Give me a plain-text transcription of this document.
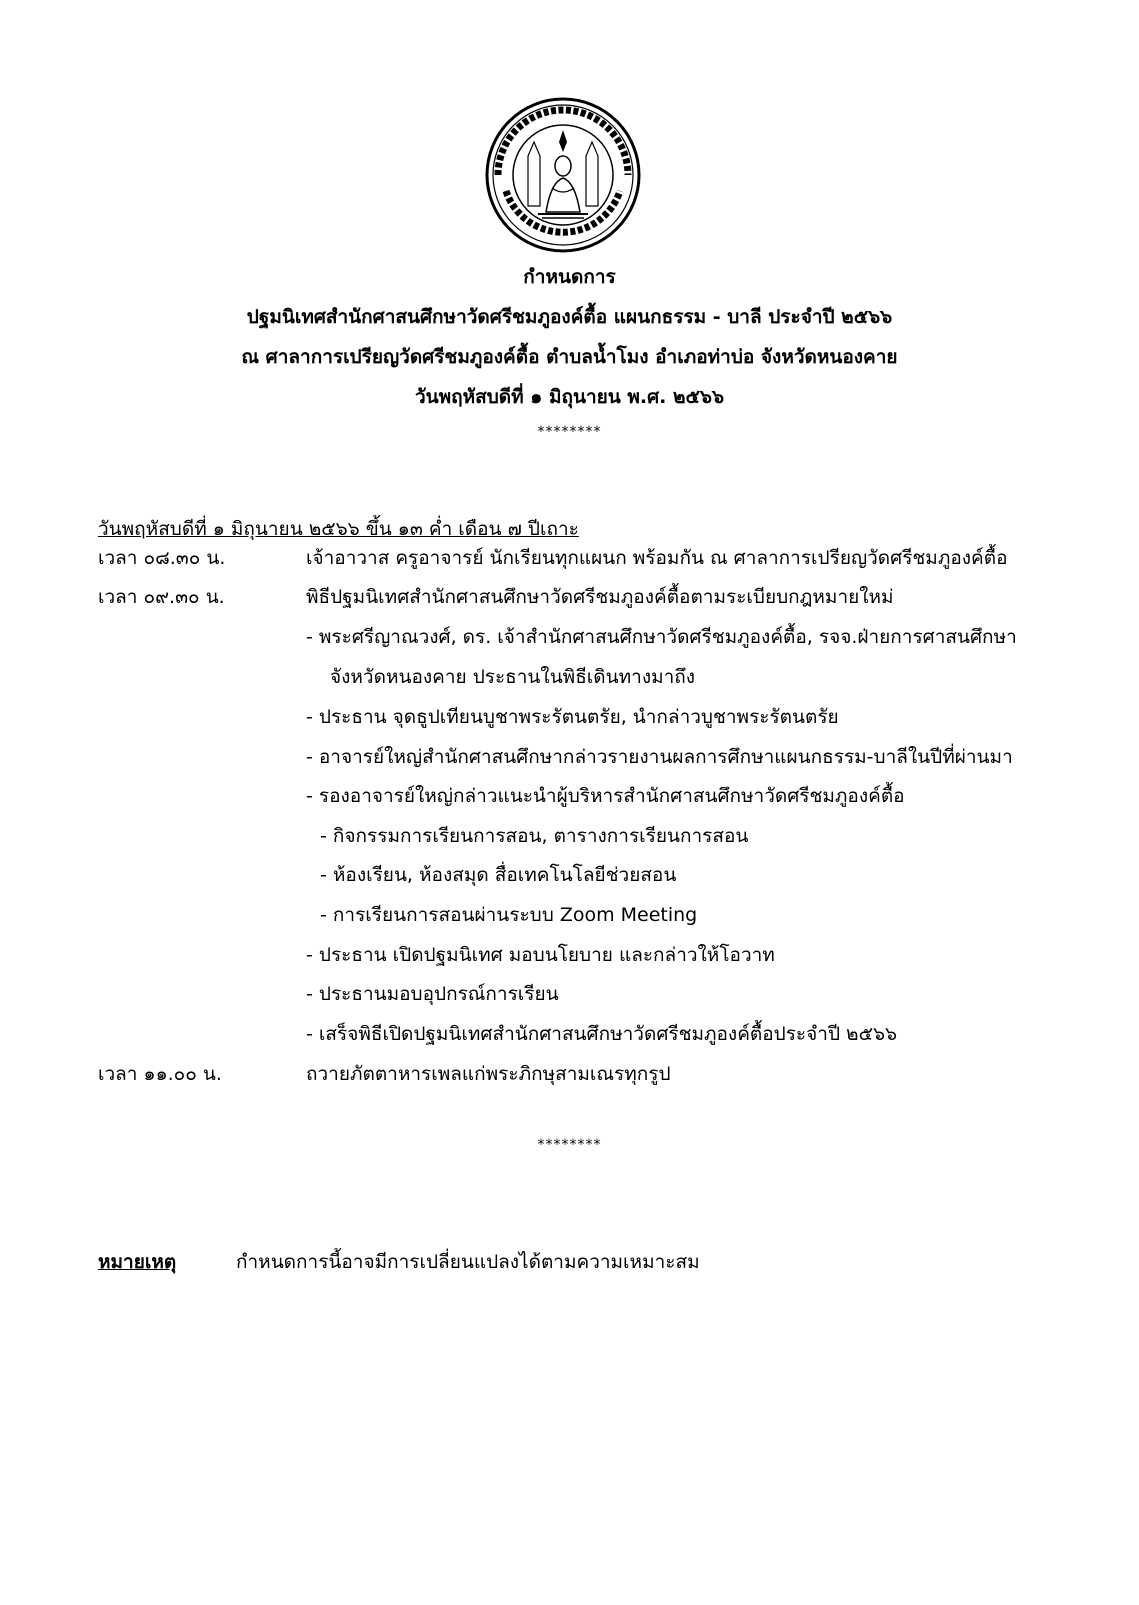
กำหนดการ
ปฐมนิเทศสำนักศาสนศึกษาวัดศรีชมภูองค์ตื้อ แผนกธรรม - บาลี ประจำปี ๒๕๖๖
ณ ศาลาการเปรียญวัดศรีชมภูองค์ตื้อ ตำบลน้ำโมง อำเภอท่าบ่อ จังหวัดหนองคาย
วันพฤหัสบดีที่ ๑ มิถุนายน พ.ศ. ๒๕๖๖
********
วันพฤหัสบดีที่ ๑ มิถุนายน ๒๕๖๖ ขึ้น ๑๓ ค่ำ เดือน ๗ ปีเถาะ
เวลา ๐๘.๓๐ น.	เจ้าอาวาส ครูอาจารย์ นักเรียนทุกแผนก พร้อมกัน ณ ศาลาการเปรียญวัดศรีชมภูองค์ตื้อ
เวลา ๐๙.๓๐ น.	พิธีปฐมนิเทศสำนักศาสนศึกษาวัดศรีชมภูองค์ตื้อตามระเบียบกฎหมายใหม่
- พระศรีญาณวงศ์, ดร. เจ้าสำนักศาสนศึกษาวัดศรีชมภูองค์ตื้อ, รจจ.ฝ่ายการศาสนศึกษา
จังหวัดหนองคาย ประธานในพิธีเดินทางมาถึง
- ประธาน จุดธูปเทียนบูชาพระรัตนตรัย, นำกล่าวบูชาพระรัตนตรัย
- อาจารย์ใหญ่สำนักศาสนศึกษากล่าวรายงานผลการศึกษาแผนกธรรม-บาลีในปีที่ผ่านมา
- รองอาจารย์ใหญ่กล่าวแนะนำผู้บริหารสำนักศาสนศึกษาวัดศรีชมภูองค์ตื้อ
- กิจกรรมการเรียนการสอน, ตารางการเรียนการสอน
- ห้องเรียน, ห้องสมุด สื่อเทคโนโลยีช่วยสอน
- การเรียนการสอนผ่านระบบ Zoom Meeting
- ประธาน เปิดปฐมนิเทศ มอบนโยบาย และกล่าวให้โอวาท
- ประธานมอบอุปกรณ์การเรียน
- เสร็จพิธีเปิดปฐมนิเทศสำนักศาสนศึกษาวัดศรีชมภูองค์ตื้อประจำปี ๒๕๖๖
เวลา ๑๑.๐๐ น.	ถวายภัตตาหารเพลแก่พระภิกษุสามเณรทุกรูป
********
หมายเหตุ	กำหนดการนี้อาจมีการเปลี่ยนแปลงได้ตามความเหมาะสม
